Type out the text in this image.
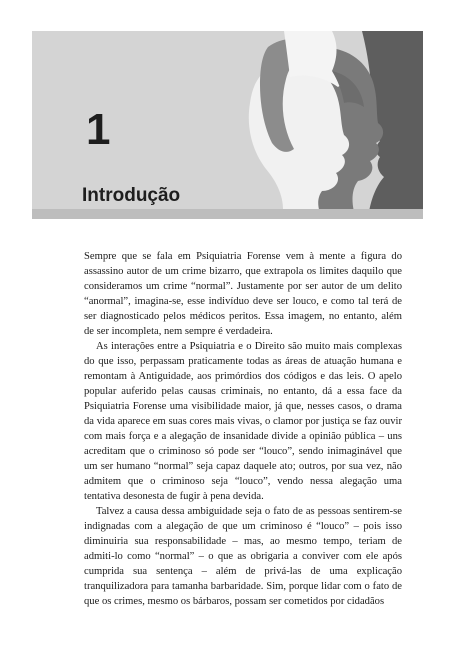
1
Introdução

Sempre que se fala em Psiquiatria Forense vem à mente a figura do assassino autor de um crime bizarro, que extrapola os limites daquilo que consideramos um crime “normal”. Justamente por ser autor de um delito “anormal”, imagina-se, esse indivíduo deve ser louco, e como tal terá de ser diagnosticado pelos médicos peritos. Essa imagem, no entanto, além de ser incompleta, nem sempre é verdadeira.

As interações entre a Psiquiatria e o Direito são muito mais complexas do que isso, perpassam praticamente todas as áreas de atuação humana e remontam à Antiguidade, aos primórdios dos códigos e das leis. O apelo popular auferido pelas causas criminais, no entanto, dá a essa face da Psiquiatria Forense uma visibilidade maior, já que, nesses casos, o drama da vida aparece em suas cores mais vivas, o clamor por justiça se faz ouvir com mais força e a alegação de insanidade divide a opinião pública – uns acreditam que o criminoso só pode ser “louco”, sendo inimaginável que um ser humano “normal” seja capaz daquele ato; outros, por sua vez, não admitem que o criminoso seja “louco”, vendo nessa alegação uma tentativa desonesta de fugir à pena devida.

Talvez a causa dessa ambiguidade seja o fato de as pessoas sentirem-se indignadas com a alegação de que um criminoso é “louco” – pois isso diminuiria sua responsabilidade – mas, ao mesmo tempo, teriam de admiti-lo como “normal” – o que as obrigaria a conviver com ele após cumprida sua sentença – além de privá-las de uma explicação tranquilizadora para tamanha barbaridade. Sim, porque lidar com o fato de que os crimes, mesmo os bárbaros, possam ser cometidos por cidadãos
